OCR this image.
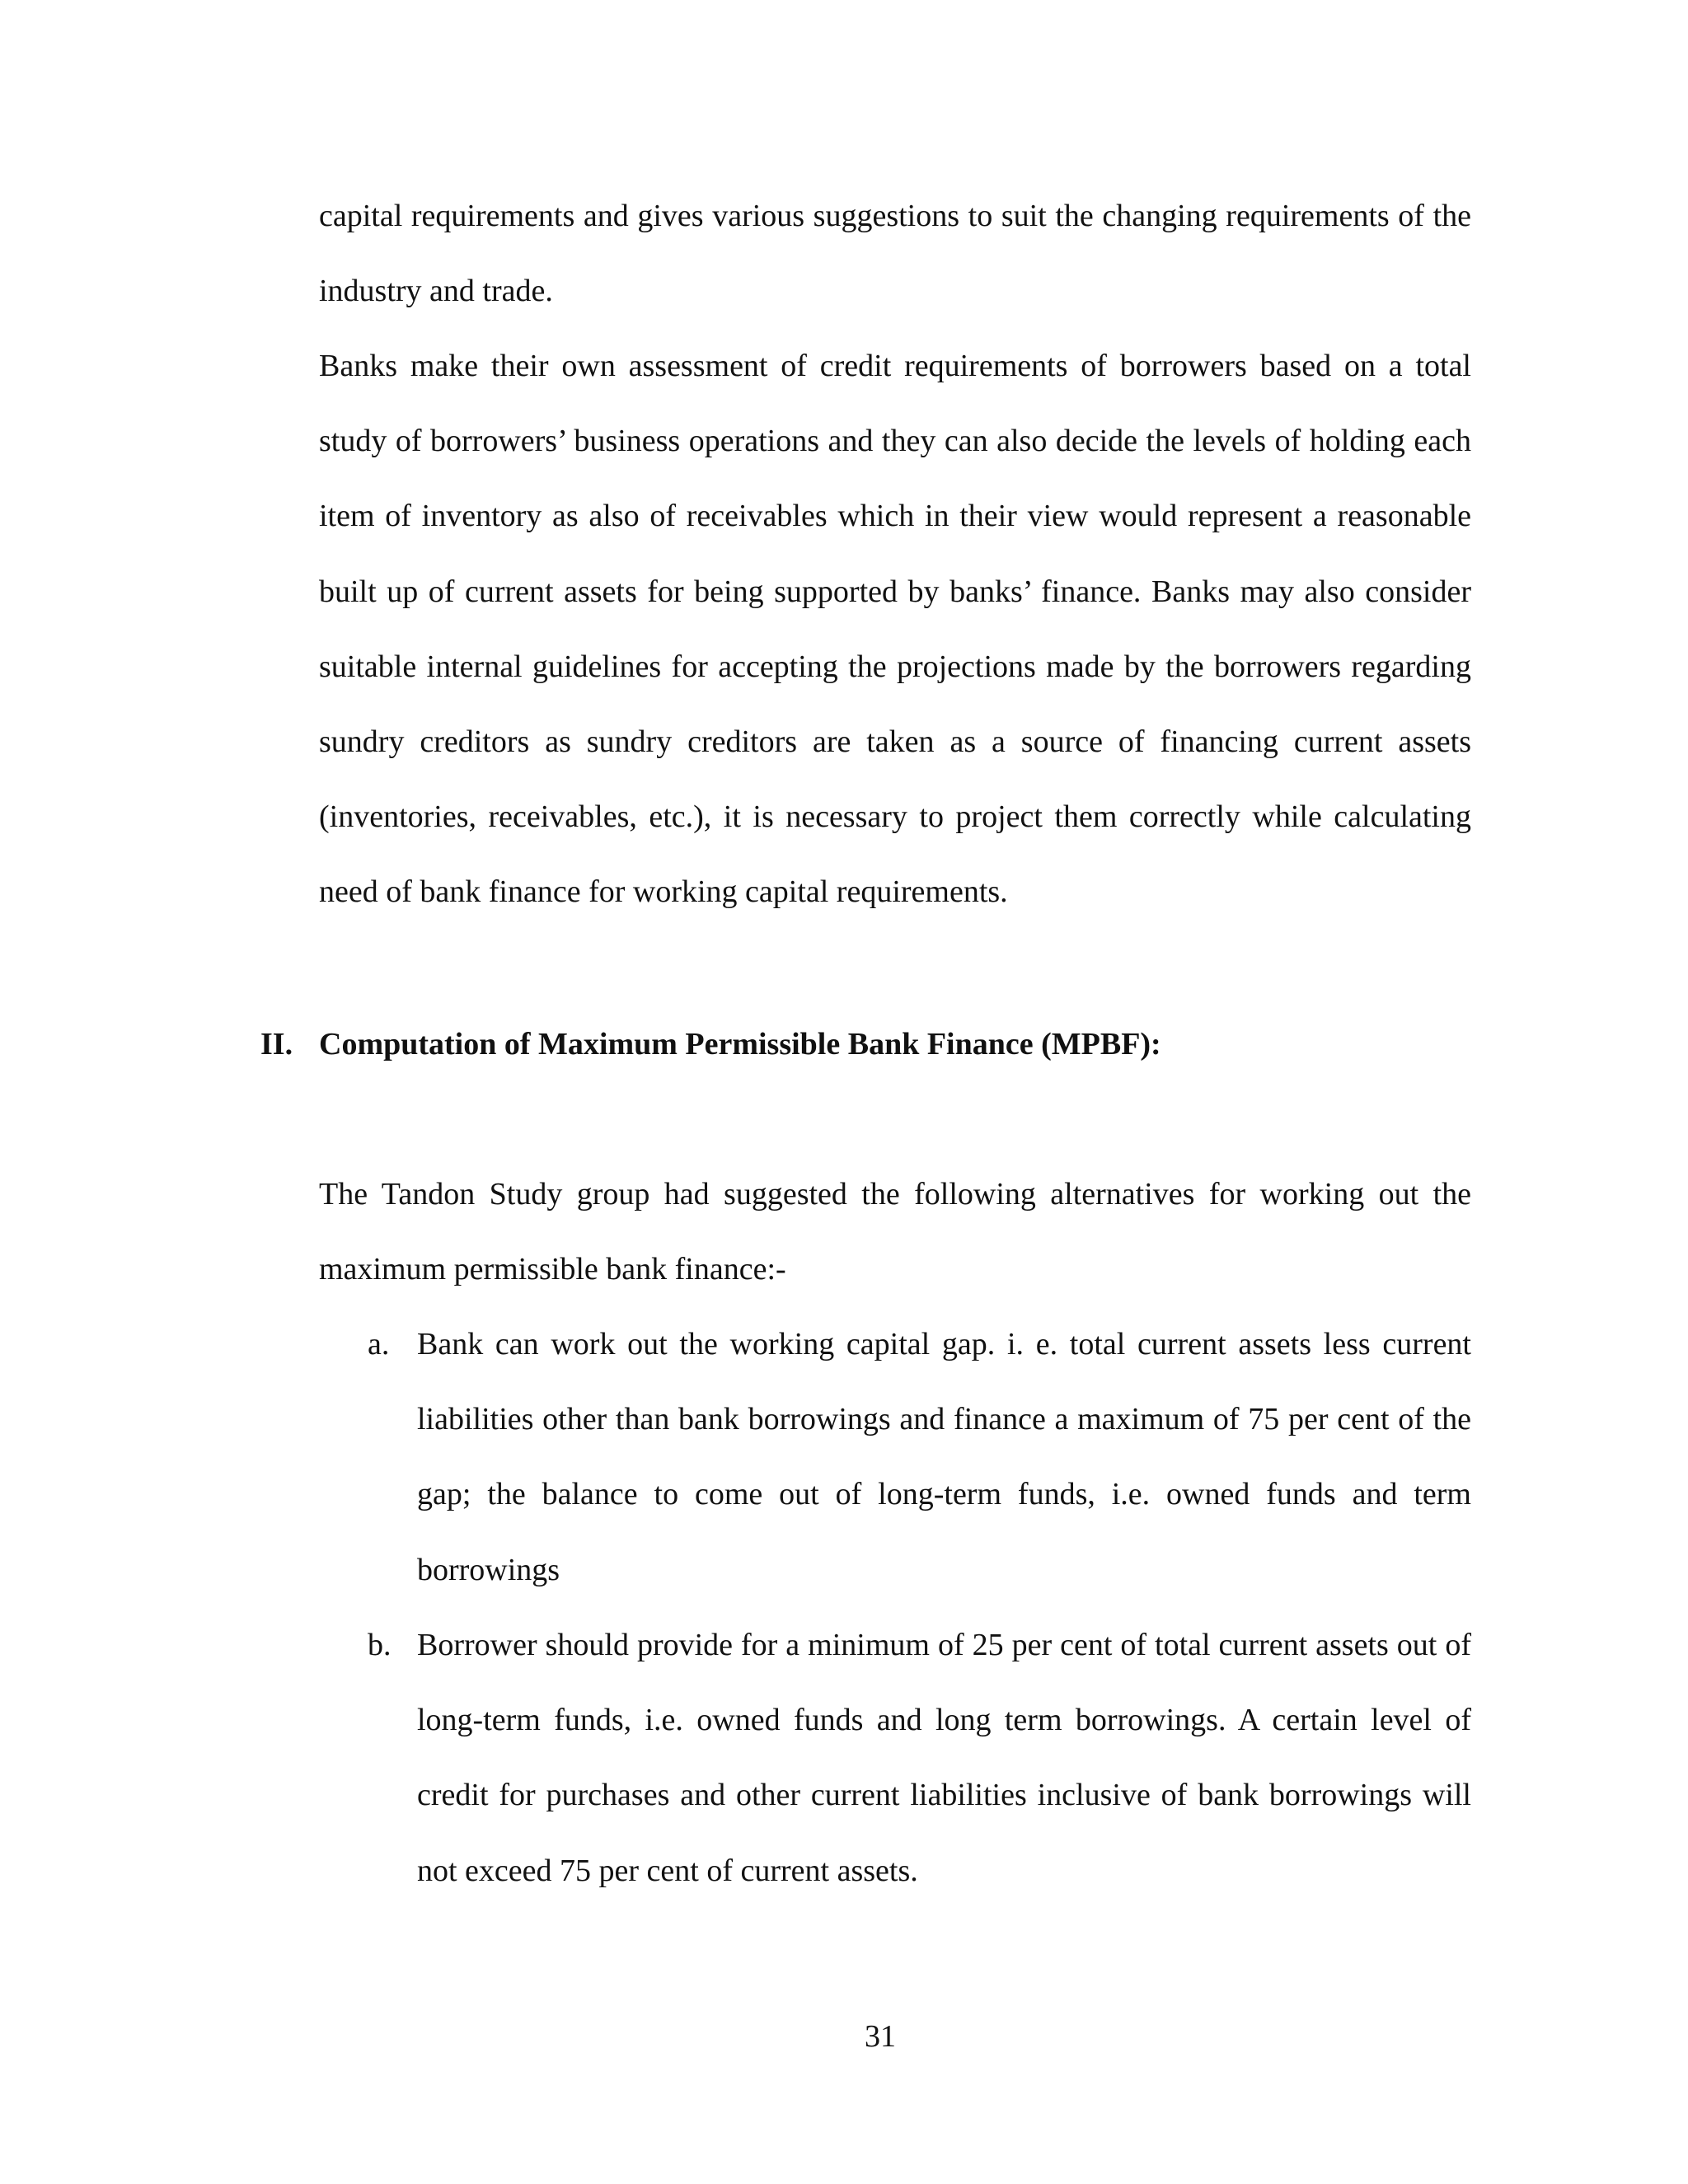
capital requirements and gives various suggestions to suit the changing requirements of the industry and trade.

Banks make their own assessment of credit requirements of borrowers based on a total study of borrowers’ business operations and they can also decide the levels of holding each item of inventory as also of receivables which in their view would represent a reasonable built up of current assets for being supported by banks’ finance. Banks may also consider suitable internal guidelines for accepting the projections made by the borrowers regarding sundry creditors as sundry creditors are taken as a source of financing current assets (inventories, receivables, etc.), it is necessary to project them correctly while calculating need of bank finance for working capital requirements.

II. Computation of Maximum Permissible Bank Finance (MPBF):

The Tandon Study group had suggested the following alternatives for working out the maximum permissible bank finance:-

a. Bank can work out the working capital gap. i. e. total current assets less current liabilities other than bank borrowings and finance a maximum of 75 per cent of the gap; the balance to come out of long-term funds, i.e. owned funds and term borrowings
b. Borrower should provide for a minimum of 25 per cent of total current assets out of long-term funds, i.e. owned funds and long term borrowings. A certain level of credit for purchases and other current liabilities inclusive of bank borrowings will not exceed 75 per cent of current assets.
31
